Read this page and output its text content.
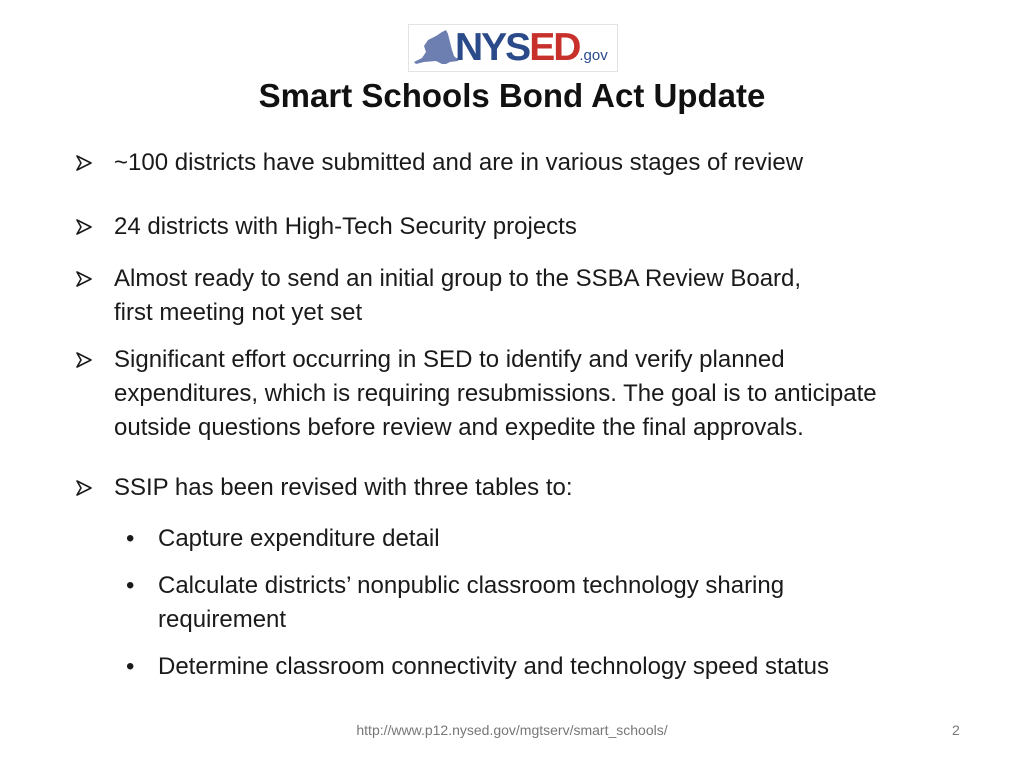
NYSED.gov
Smart Schools Bond Act Update
~100 districts have submitted and are in various stages of review
24 districts with High-Tech Security projects
Almost ready to send an initial group to the SSBA Review Board,
first meeting not yet set
Significant effort occurring in SED to identify and verify planned
expenditures, which is requiring resubmissions. The goal is to anticipate
outside questions before review and expedite the final approvals.
SSIP has been revised with three tables to:
• Capture expenditure detail
• Calculate districts’ nonpublic classroom technology sharing
requirement
• Determine classroom connectivity and technology speed status
http://www.p12.nysed.gov/mgtserv/smart_schools/	2
